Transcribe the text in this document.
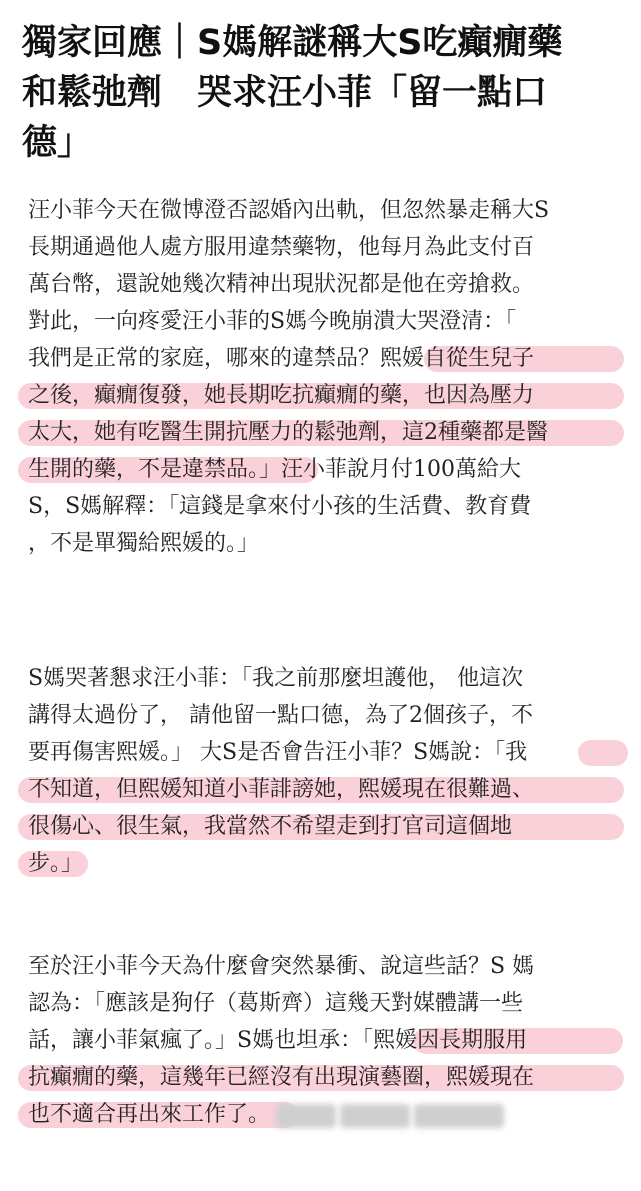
獨家回應｜S媽解謎稱大S吃癲癇藥
和鬆弛劑　哭求汪小菲「留一點口
德」
汪小菲今天在微博澄否認婚內出軌，但忽然暴走稱大S
長期通過他人處方服用違禁藥物，他每月為此支付百
萬台幣，還說她幾次精神出現狀況都是他在旁搶救。
對此，一向疼愛汪小菲的S媽今晚崩潰大哭澄清：「
我們是正常的家庭，哪來的違禁品？熙媛自從生兒子
之後，癲癇復發，她長期吃抗癲癇的藥，也因為壓力
太大，她有吃醫生開抗壓力的鬆弛劑，這2種藥都是醫
生開的藥，不是違禁品。」汪小菲說月付100萬給大
S，S媽解釋：「這錢是拿來付小孩的生活費、教育費
，不是單獨給熙媛的。」
S媽哭著懇求汪小菲：「我之前那麼坦護他， 他這次
講得太過份了， 請他留一點口德，為了2個孩子，不
要再傷害熙媛。」 大S是否會告汪小菲？S媽說：「我
不知道，但熙媛知道小菲誹謗她，熙媛現在很難過、
很傷心、很生氣，我當然不希望走到打官司這個地
步。」
至於汪小菲今天為什麼會突然暴衝、說這些話？S 媽
認為：「應該是狗仔（葛斯齊）這幾天對媒體講一些
話，讓小菲氣瘋了。」S媽也坦承：「熙媛因長期服用
抗癲癇的藥，這幾年已經沒有出現演藝圈，熙媛現在
也不適合再出來工作了。
